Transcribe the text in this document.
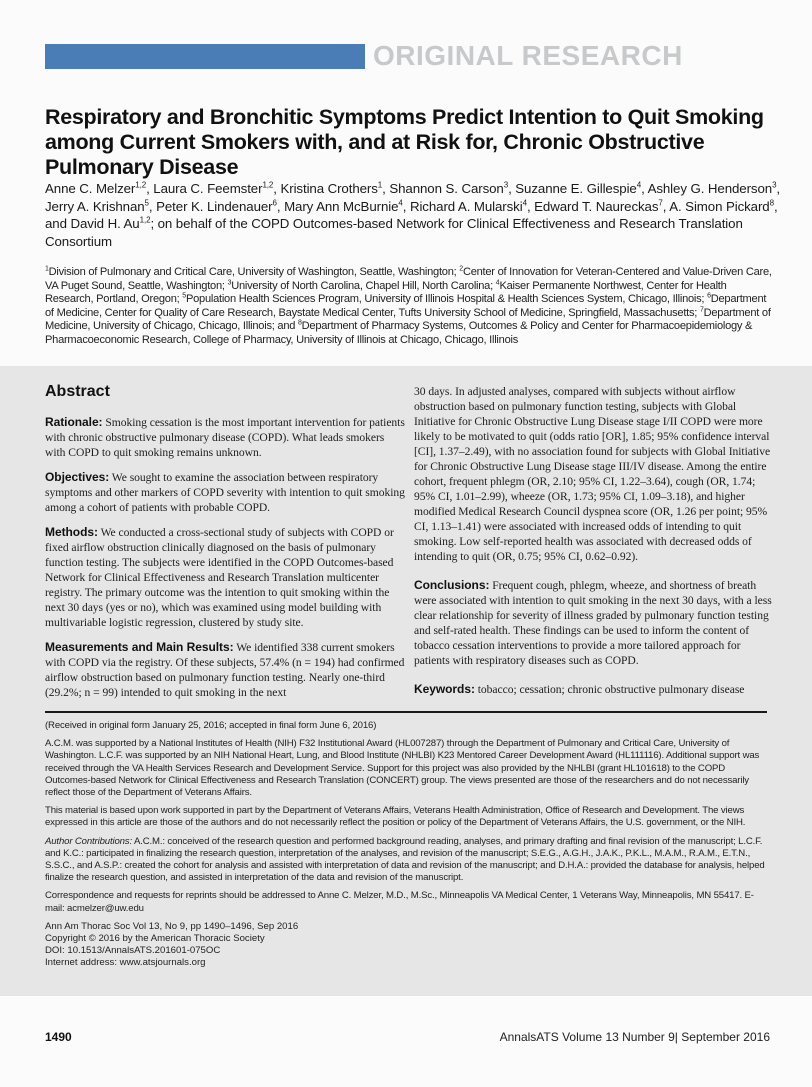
ORIGINAL RESEARCH
Respiratory and Bronchitic Symptoms Predict Intention to Quit Smoking among Current Smokers with, and at Risk for, Chronic Obstructive Pulmonary Disease

Anne C. Melzer$^{1,2}$, Laura C. Feemster$^{1,2}$, Kristina Crothers$^1$, Shannon S. Carson$^3$, Suzanne E. Gillespie$^4$, Ashley G. Henderson$^3$, Jerry A. Krishnan$^5$, Peter K. Lindenauer$^6$, Mary Ann McBurnie$^4$, Richard A. Mularski$^4$, Edward T. Naureckas$^7$, A. Simon Pickard$^8$, and David H. Au$^{1,2}$; on behalf of the COPD Outcomes-based Network for Clinical Effectiveness and Research Translation Consortium

$^1$Division of Pulmonary and Critical Care, University of Washington, Seattle, Washington; $^2$Center of Innovation for Veteran-Centered and Value-Driven Care, VA Puget Sound, Seattle, Washington; $^3$University of North Carolina, Chapel Hill, North Carolina; $^4$Kaiser Permanente Northwest, Center for Health Research, Portland, Oregon; $^5$Population Health Sciences Program, University of Illinois Hospital & Health Sciences System, Chicago, Illinois; $^6$Department of Medicine, Center for Quality of Care Research, Baystate Medical Center, Tufts University School of Medicine, Springfield, Massachusetts; $^7$Department of Medicine, University of Chicago, Chicago, Illinois; and $^8$Department of Pharmacy Systems, Outcomes & Policy and Center for Pharmacoepidemiology & Pharmacoeconomic Research, College of Pharmacy, University of Illinois at Chicago, Chicago, Illinois

Abstract

Rationale: Smoking cessation is the most important intervention for patients with chronic obstructive pulmonary disease (COPD). What leads smokers with COPD to quit smoking remains unknown.

Objectives: We sought to examine the association between respiratory symptoms and other markers of COPD severity with intention to quit smoking among a cohort of patients with probable COPD.

Methods: We conducted a cross-sectional study of subjects with COPD or fixed airflow obstruction clinically diagnosed on the basis of pulmonary function testing. The subjects were identified in the COPD Outcomes-based Network for Clinical Effectiveness and Research Translation multicenter registry. The primary outcome was the intention to quit smoking within the next 30 days (yes or no), which was examined using model building with multivariable logistic regression, clustered by study site.

Measurements and Main Results: We identified 338 current smokers with COPD via the registry. Of these subjects, 57.4% (n = 194) had confirmed airflow obstruction based on pulmonary function testing. Nearly one-third (29.2%; n = 99) intended to quit smoking in the next

30 days. In adjusted analyses, compared with subjects without airflow obstruction based on pulmonary function testing, subjects with Global Initiative for Chronic Obstructive Lung Disease stage I/II COPD were more likely to be motivated to quit (odds ratio [OR], 1.85; 95% confidence interval [CI], 1.37–2.49), with no association found for subjects with Global Initiative for Chronic Obstructive Lung Disease stage III/IV disease. Among the entire cohort, frequent phlegm (OR, 2.10; 95% CI, 1.22–3.64), cough (OR, 1.74; 95% CI, 1.01–2.99), wheeze (OR, 1.73; 95% CI, 1.09–3.18), and higher modified Medical Research Council dyspnea score (OR, 1.26 per point; 95% CI, 1.13–1.41) were associated with increased odds of intending to quit smoking. Low self-reported health was associated with decreased odds of intending to quit (OR, 0.75; 95% CI, 0.62–0.92).

Conclusions: Frequent cough, phlegm, wheeze, and shortness of breath were associated with intention to quit smoking in the next 30 days, with a less clear relationship for severity of illness graded by pulmonary function testing and self-rated health. These findings can be used to inform the content of tobacco cessation interventions to provide a more tailored approach for patients with respiratory diseases such as COPD.

Keywords: tobacco; cessation; chronic obstructive pulmonary disease

(Received in original form January 25, 2016; accepted in final form June 6, 2016)

A.C.M. was supported by a National Institutes of Health (NIH) F32 Institutional Award (HL007287) through the Department of Pulmonary and Critical Care, University of Washington. L.C.F. was supported by an NIH National Heart, Lung, and Blood Institute (NHLBI) K23 Mentored Career Development Award (HL111116). Additional support was received through the VA Health Services Research and Development Service. Support for this project was also provided by the NHLBI (grant HL101618) to the COPD Outcomes-based Network for Clinical Effectiveness and Research Translation (CONCERT) group. The views presented are those of the researchers and do not necessarily reflect those of the Department of Veterans Affairs.

This material is based upon work supported in part by the Department of Veterans Affairs, Veterans Health Administration, Office of Research and Development. The views expressed in this article are those of the authors and do not necessarily reflect the position or policy of the Department of Veterans Affairs, the U.S. government, or the NIH.

Author Contributions: A.C.M.: conceived of the research question and performed background reading, analyses, and primary drafting and final revision of the manuscript; L.C.F. and K.C.: participated in finalizing the research question, interpretation of the analyses, and revision of the manuscript; S.E.G., A.G.H., J.A.K., P.K.L., M.A.M., R.A.M., E.T.N., S.S.C., and A.S.P.: created the cohort for analysis and assisted with interpretation of data and revision of the manuscript; and D.H.A.: provided the database for analysis, helped finalize the research question, and assisted in interpretation of the data and revision of the manuscript.

Correspondence and requests for reprints should be addressed to Anne C. Melzer, M.D., M.Sc., Minneapolis VA Medical Center, 1 Veterans Way, Minneapolis, MN 55417. E-mail: acmelzer@uw.edu

Ann Am Thorac Soc Vol 13, No 9, pp 1490–1496, Sep 2016
Copyright © 2016 by the American Thoracic Society
DOI: 10.1513/AnnalsATS.201601-075OC
Internet address: www.atsjournals.org
1490	AnnalsATS Volume 13 Number 9| September 2016
